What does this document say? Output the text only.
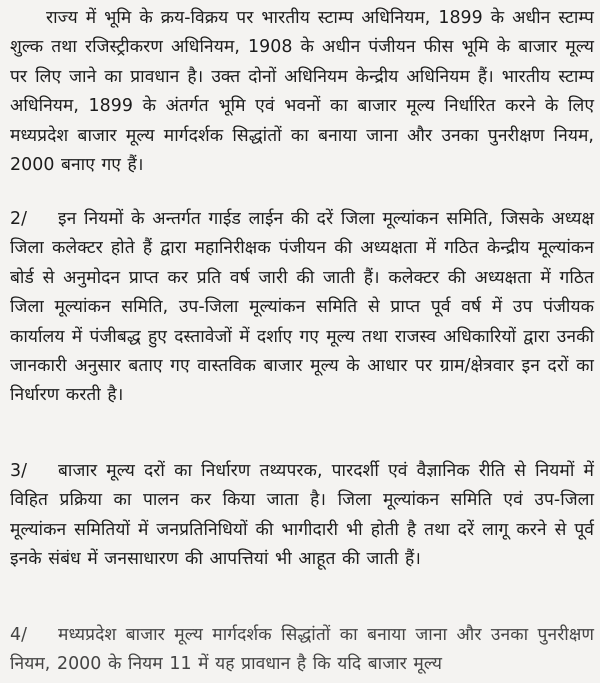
राज्य में भूमि के क्रय-विक्रय पर भारतीय स्टाम्प अधिनियम, 1899 के अधीन स्टाम्प शुल्क तथा रजिस्ट्रीकरण अधिनियम, 1908 के अधीन पंजीयन फीस भूमि के बाजार मूल्य पर लिए जाने का प्रावधान है। उक्त दोनों अधिनियम केन्द्रीय अधिनियम हैं। भारतीय स्टाम्प अधिनियम, 1899 के अंतर्गत भूमि एवं भवनों का बाजार मूल्य निर्धारित करने के लिए मध्यप्रदेश बाजार मूल्य मार्गदर्शक सिद्धांतों का बनाया जाना और उनका पुनरीक्षण नियम, 2000 बनाए गए हैं।

2/ इन नियमों के अन्तर्गत गाईड लाईन की दरें जिला मूल्यांकन समिति, जिसके अध्यक्ष जिला कलेक्टर होते हैं द्वारा महानिरीक्षक पंजीयन की अध्यक्षता में गठित केन्द्रीय मूल्यांकन बोर्ड से अनुमोदन प्राप्त कर प्रति वर्ष जारी की जाती हैं। कलेक्टर की अध्यक्षता में गठित जिला मूल्यांकन समिति, उप-जिला मूल्यांकन समिति से प्राप्त पूर्व वर्ष में उप पंजीयक कार्यालय में पंजीबद्ध हुए दस्तावेजों में दर्शाए गए मूल्य तथा राजस्व अधिकारियों द्वारा उनकी जानकारी अनुसार बताए गए वास्तविक बाजार मूल्य के आधार पर ग्राम/क्षेत्रवार इन दरों का निर्धारण करती है।

3/ बाजार मूल्य दरों का निर्धारण तथ्यपरक, पारदर्शी एवं वैज्ञानिक रीति से नियमों में विहित प्रक्रिया का पालन कर किया जाता है। जिला मूल्यांकन समिति एवं उप-जिला मूल्यांकन समितियों में जनप्रतिनिधियों की भागीदारी भी होती है तथा दरें लागू करने से पूर्व इनके संबंध में जनसाधारण की आपत्तियां भी आहूत की जाती हैं।

4/ मध्यप्रदेश बाजार मूल्य मार्गदर्शक सिद्धांतों का बनाया जाना और उनका पुनरीक्षण नियम, 2000 के नियम 11 में यह प्रावधान है कि यदि बाजार मूल्य
